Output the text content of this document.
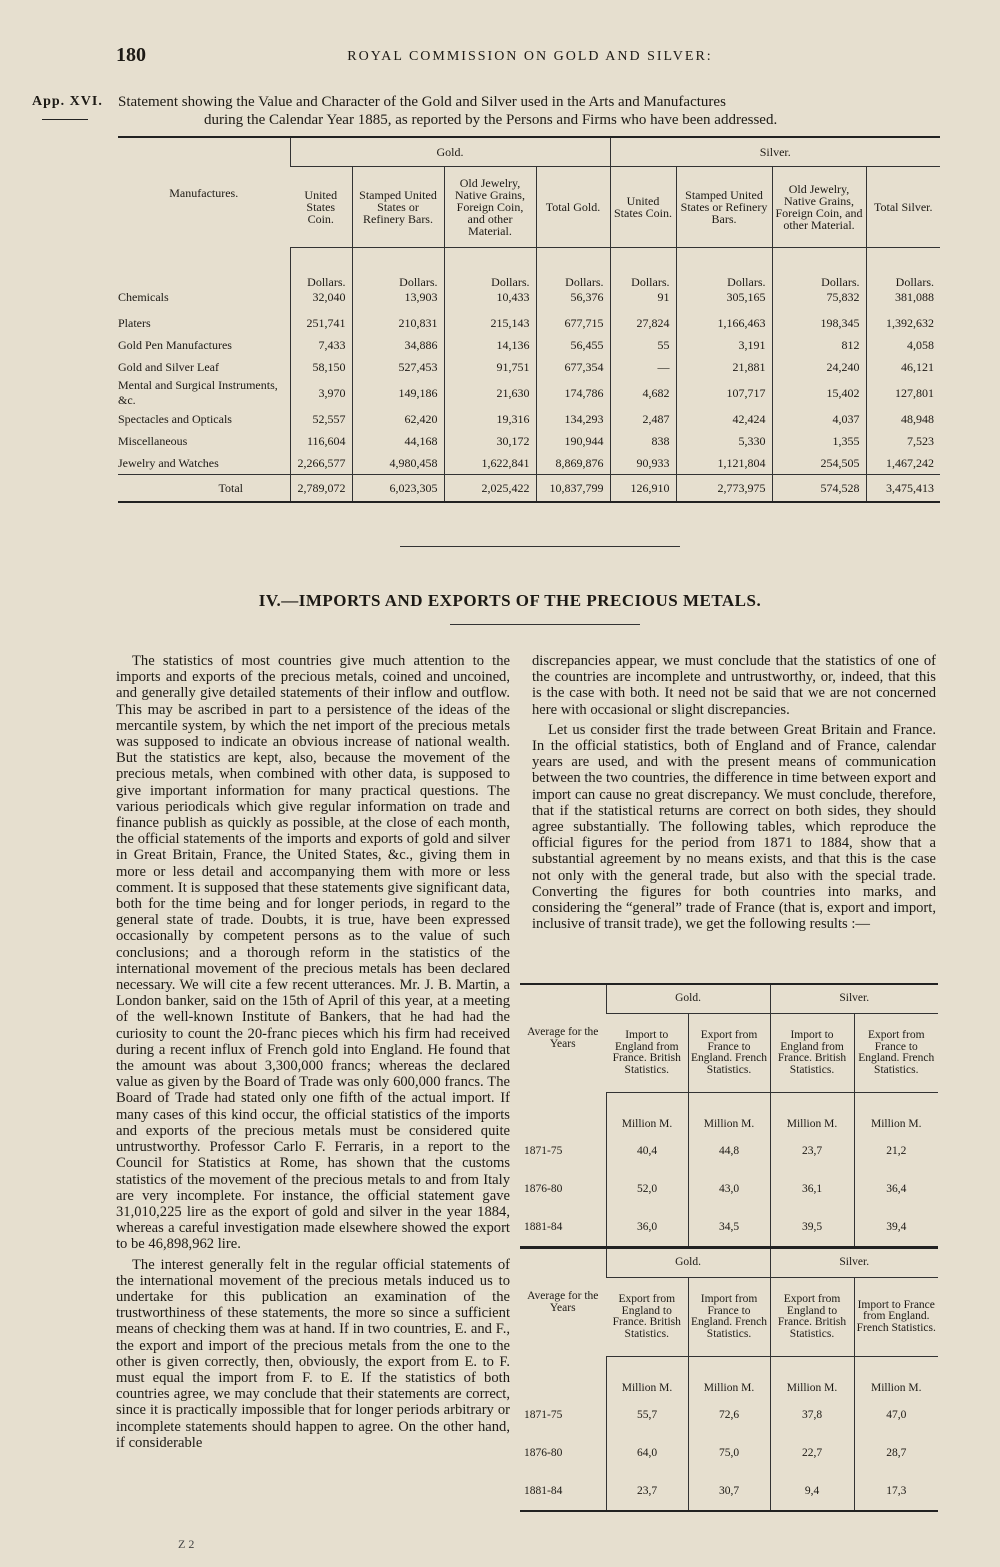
180	ROYAL COMMISSION ON GOLD AND SILVER:
App. XVI. Statement showing the Value and Character of the Gold and Silver used in the Arts and Manufactures
during the Calendar Year 1885, as reported by the Persons and Firms who have been addressed.
Manufactures.	Gold.				Silver.			
	United States Coin.	Stamped United States or Refinery Bars.	Old Jewelry, Native Grains, Foreign Coin, and other Material.	Total Gold.	United States Coin.	Stamped United States or Refinery Bars.	Old Jewelry, Native Grains, Foreign Coin, and other Material.	Total Silver.
	Dollars.	Dollars.	Dollars.	Dollars.	Dollars.	Dollars.	Dollars.	Dollars.
Chemicals	32,040	13,903	10,433	56,376	91	305,165	75,832	381,088
Platers	251,741	210,831	215,143	677,715	27,824	1,166,463	198,345	1,392,632
Gold Pen Manufactures	7,433	34,886	14,136	56,455	55	3,191	812	4,058
Gold and Silver Leaf	58,150	527,453	91,751	677,354	—	21,881	24,240	46,121
Mental and Surgical Instruments, &c.	3,970	149,186	21,630	174,786	4,682	107,717	15,402	127,801
Spectacles and Opticals	52,557	62,420	19,316	134,293	2,487	42,424	4,037	48,948
Miscellaneous	116,604	44,168	30,172	190,944	838	5,330	1,355	7,523
Jewelry and Watches	2,266,577	4,980,458	1,622,841	8,869,876	90,933	1,121,804	254,505	1,467,242
Total	2,789,072	6,023,305	2,025,422	10,837,799	126,910	2,773,975	574,528	3,475,413
IV.—IMPORTS AND EXPORTS OF THE PRECIOUS METALS.

The statistics of most countries give much attention to the imports and exports of the precious metals, coined and uncoined, and generally give detailed statements of their inflow and outflow. This may be ascribed in part to a persistence of the ideas of the mercantile system, by which the net import of the precious metals was supposed to indicate an obvious increase of national wealth. But the statistics are kept, also, because the movement of the precious metals, when combined with other data, is supposed to give important information for many practical questions. The various periodicals which give regular information on trade and finance publish as quickly as possible, at the close of each month, the official statements of the imports and exports of gold and silver in Great Britain, France, the United States, &c., giving them in more or less detail and accompanying them with more or less comment. It is supposed that these statements give significant data, both for the time being and for longer periods, in regard to the general state of trade. Doubts, it is true, have been expressed occasionally by competent persons as to the value of such conclusions; and a thorough reform in the statistics of the international movement of the precious metals has been declared necessary. We will cite a few recent utterances. Mr. J. B. Martin, a London banker, said on the 15th of April of this year, at a meeting of the well-known Institute of Bankers, that he had had the curiosity to count the 20-franc pieces which his firm had received during a recent influx of French gold into England. He found that the amount was about 3,300,000 francs; whereas the declared value as given by the Board of Trade was only 600,000 francs. The Board of Trade had stated only one fifth of the actual import. If many cases of this kind occur, the official statistics of the imports and exports of the precious metals must be considered quite untrustworthy. Professor Carlo F. Ferraris, in a report to the Council for Statistics at Rome, has shown that the customs statistics of the movement of the precious metals to and from Italy are very incomplete. For instance, the official statement gave 31,010,225 lire as the export of gold and silver in the year 1884, whereas a careful investigation made elsewhere showed the export to be 46,898,962 lire.

The interest generally felt in the regular official statements of the international movement of the precious metals induced us to undertake for this publication an examination of the trustworthiness of these statements, the more so since a sufficient means of checking them was at hand. If in two countries, E. and F., the export and import of the precious metals from the one to the other is given correctly, then, obviously, the export from E. to F. must equal the import from F. to E. If the statistics of both countries agree, we may conclude that their statements are correct, since it is practically impossible that for longer periods arbitrary or incomplete statements should happen to agree. On the other hand, if considerable

discrepancies appear, we must conclude that the statistics of one of the countries are incomplete and untrustworthy, or, indeed, that this is the case with both. It need not be said that we are not concerned here with occasional or slight discrepancies.

Let us consider first the trade between Great Britain and France. In the official statistics, both of England and of France, calendar years are used, and with the present means of communication between the two countries, the difference in time between export and import can cause no great discrepancy. We must conclude, therefore, that if the statistical returns are correct on both sides, they should agree substantially. The following tables, which reproduce the official figures for the period from 1871 to 1884, show that a substantial agreement by no means exists, and that this is the case not only with the general trade, but also with the special trade. Converting the figures for both countries into marks, and considering the “general” trade of France (that is, export and import, inclusive of transit trade), we get the following results :—

Average for the Years	Gold.		Silver.	
	Import to England from France. British Statistics.	Export from France to England. French Statistics.	Import to England from France. British Statistics.	Export from France to England. French Statistics.
	Million M.	Million M.	Million M.	Million M.
1871-75	40,4	44,8	23,7	21,2
1876-80	52,0	43,0	36,1	36,4
1881-84	36,0	34,5	39,5	39,4
Average for the Years	Gold.		Silver.	
	Export from England to France. British Statistics.	Import from France to England. French Statistics.	Export from England to France. British Statistics.	Import to France from England. French Statistics.
	Million M.	Million M.	Million M.	Million M.
1871-75	55,7	72,6	37,8	47,0
1876-80	64,0	75,0	22,7	28,7
1881-84	23,7	30,7	9,4	17,3
Z 2
